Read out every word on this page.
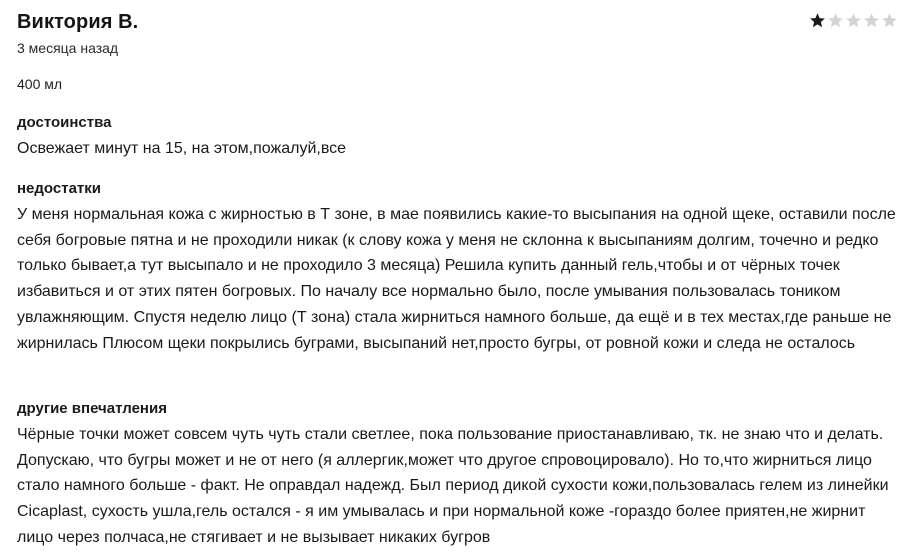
Виктория В.
3 месяца назад
400 мл
достоинства
Освежает минут на 15, на этом,пожалуй,все
недостатки
У меня нормальная кожа с жирностью в Т зоне, в мае появились какие-то высыпания на одной щеке, оставили после себя богровые пятна и не проходили никак (к слову кожа у меня не склонна к высыпаниям долгим, точечно и редко только бывает,а тут высыпало и не проходило 3 месяца) Решила купить данный гель,чтобы и от чёрных точек избавиться и от этих пятен богровых. По началу все нормально было, после умывания пользовалась тоником увлажняющим. Спустя неделю лицо (Т зона) стала жирниться намного больше, да ещё и в тех местах,где раньше не жирнилась Плюсом щеки покрылись буграми, высыпаний нет,просто бугры, от ровной кожи и следа не осталось
другие впечатления
Чёрные точки может совсем чуть чуть стали светлее, пока пользование приостанавливаю, тк. не знаю что и делать. Допускаю, что бугры может и не от него (я аллергик,может что другое спровоцировало). Но то,что жирниться лицо стало намного больше - факт. Не оправдал надежд. Был период дикой сухости кожи,пользовалась гелем из линейки Cicaplast, сухость ушла,гель остался - я им умывалась и при нормальной коже -гораздо более приятен,не жирнит лицо через полчаса,не стягивает и не вызывает никаких бугров
